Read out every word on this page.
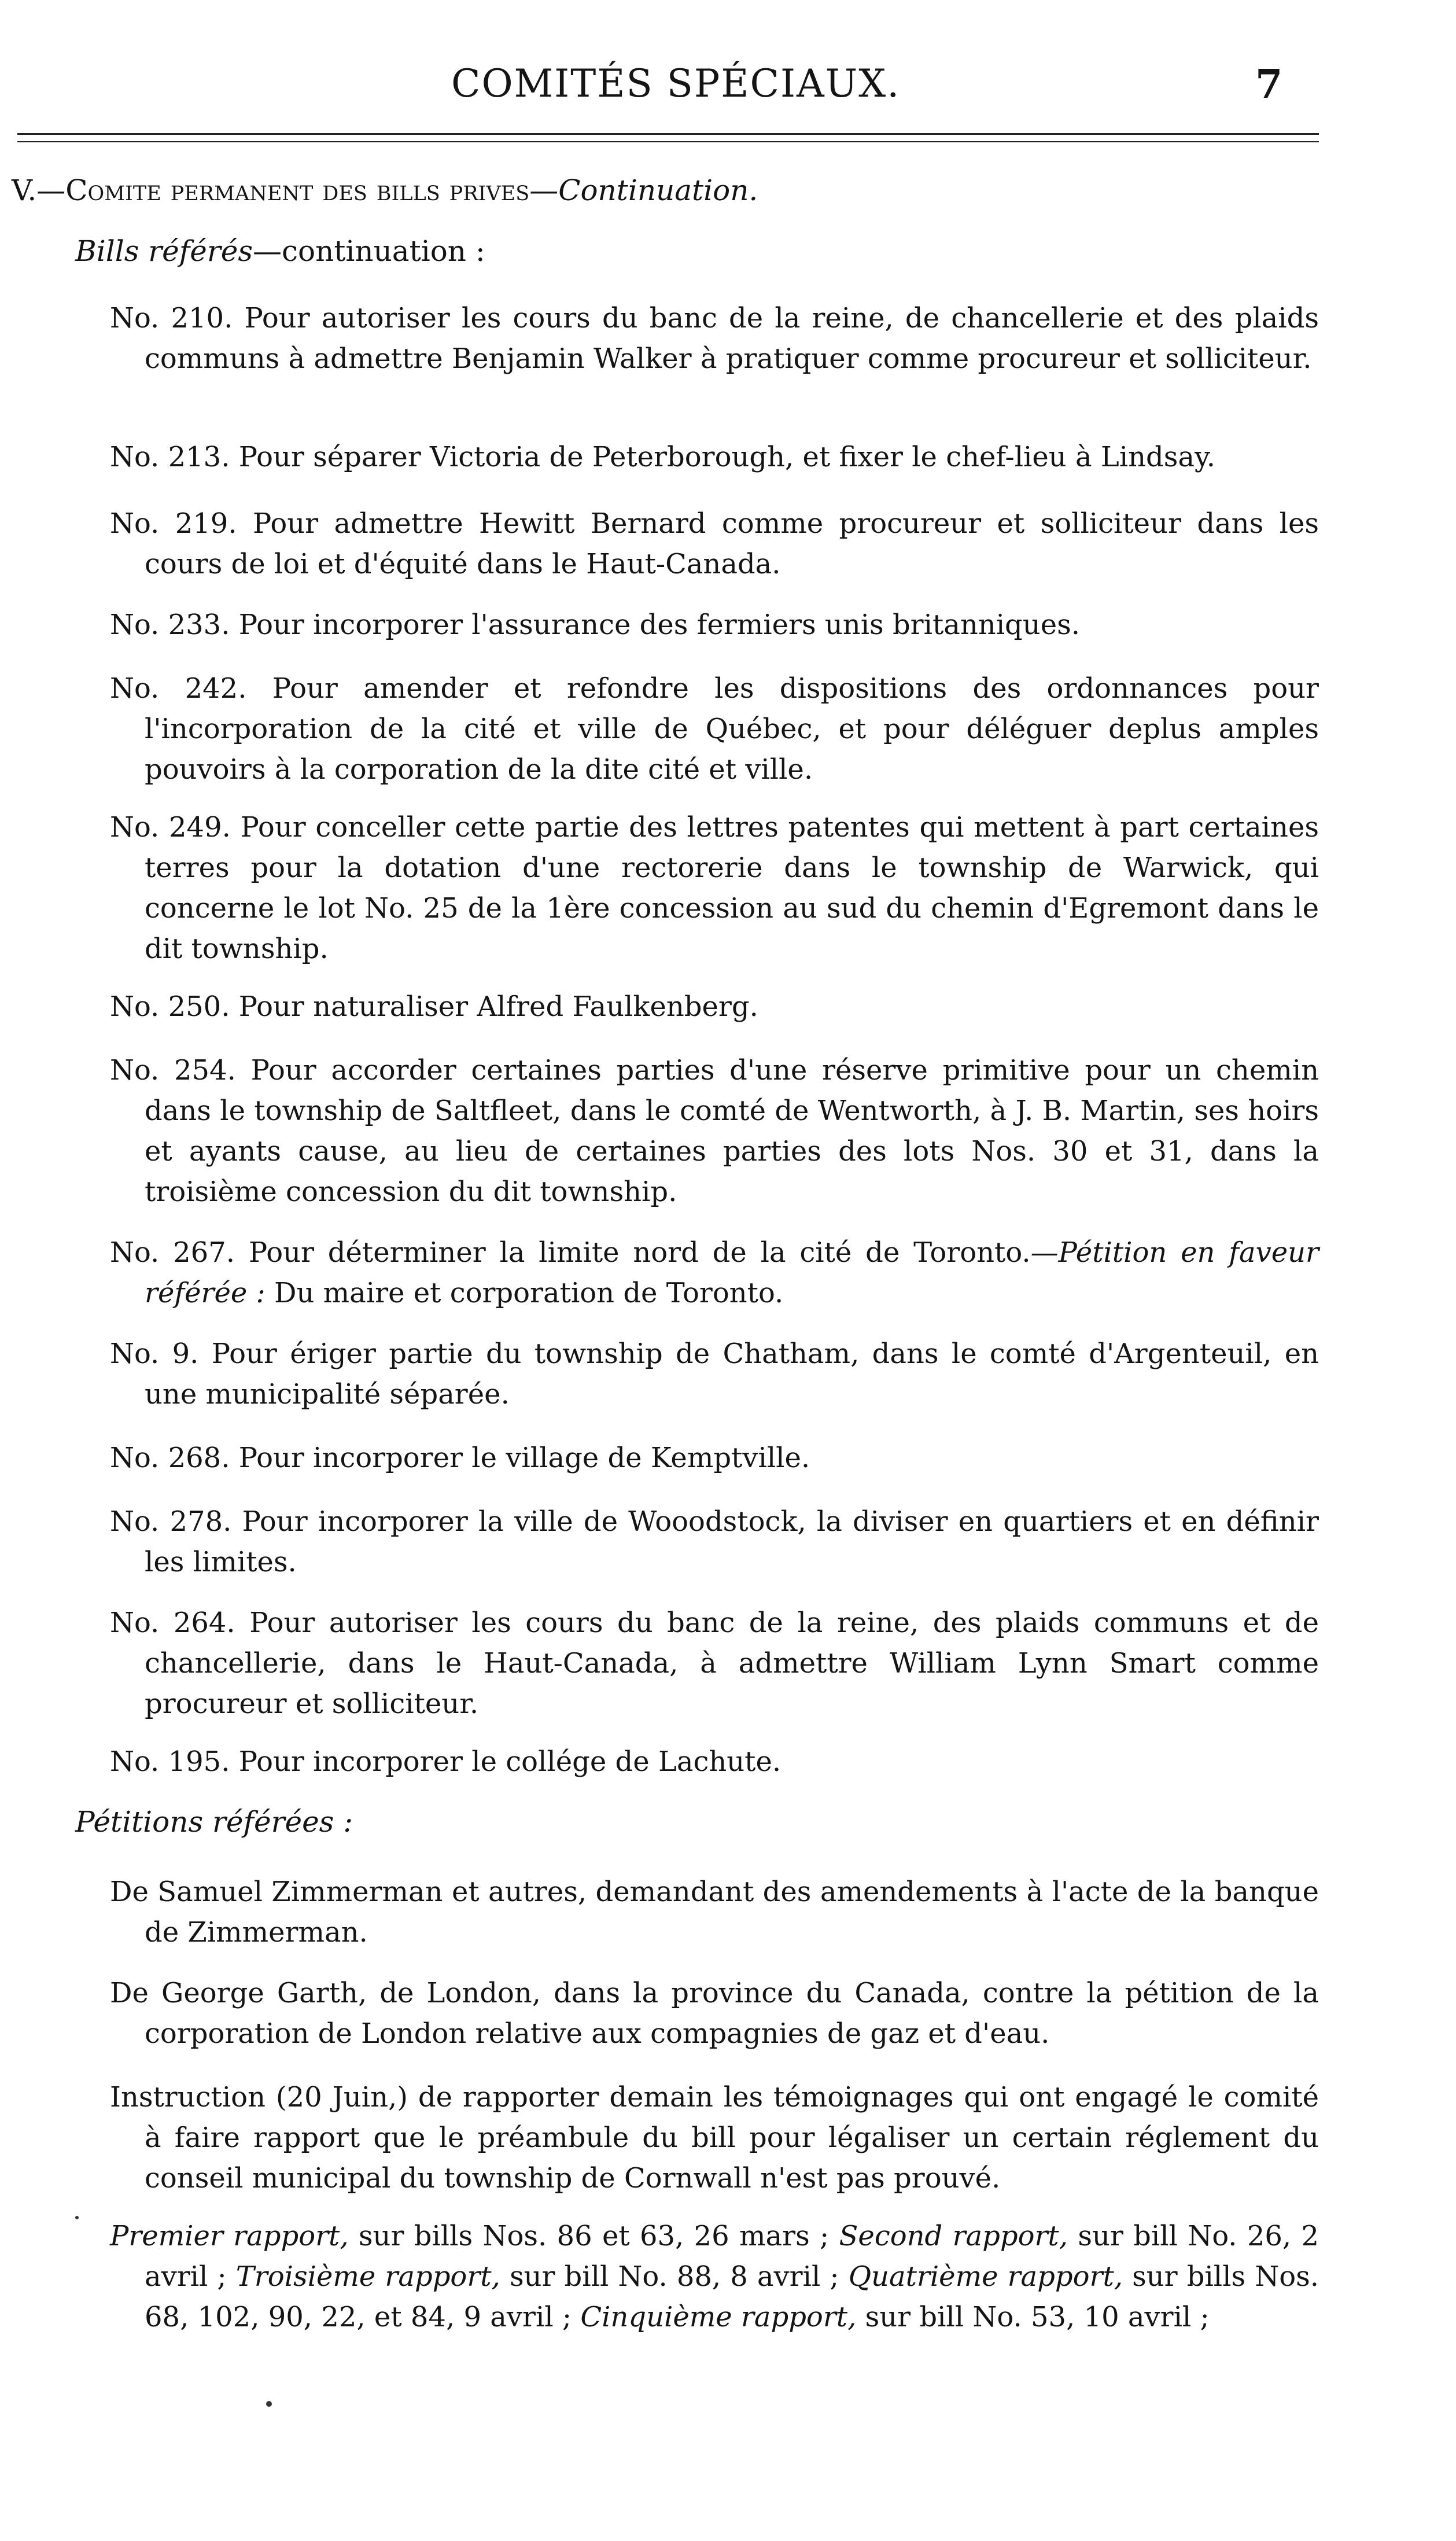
COMITÉS SPÉCIAUX.	7
V.—Comite permanent des bills prives—Continuation.
Bills référés—continuation :
No. 210. Pour autoriser les cours du banc de la reine, de chancellerie et des plaids communs à admettre Benjamin Walker à pratiquer comme procureur et solliciteur.
No. 213. Pour séparer Victoria de Peterborough, et fixer le chef-lieu à Lindsay.
No. 219. Pour admettre Hewitt Bernard comme procureur et solliciteur dans les cours de loi et d'équité dans le Haut-Canada.
No. 233. Pour incorporer l'assurance des fermiers unis britanniques.
No. 242. Pour amender et refondre les dispositions des ordonnances pour l'incorporation de la cité et ville de Québec, et pour déléguer deplus amples pouvoirs à la corporation de la dite cité et ville.
No. 249. Pour conceller cette partie des lettres patentes qui mettent à part certaines terres pour la dotation d'une rectorerie dans le township de Warwick, qui concerne le lot No. 25 de la 1ère concession au sud du chemin d'Egremont dans le dit township.
No. 250. Pour naturaliser Alfred Faulkenberg.
No. 254. Pour accorder certaines parties d'une réserve primitive pour un chemin dans le township de Saltfleet, dans le comté de Wentworth, à J. B. Martin, ses hoirs et ayants cause, au lieu de certaines parties des lots Nos. 30 et 31, dans la troisième concession du dit township.
No. 267. Pour déterminer la limite nord de la cité de Toronto.—Pétition en faveur référée : Du maire et corporation de Toronto.
No. 9. Pour ériger partie du township de Chatham, dans le comté d'Argenteuil, en une municipalité séparée.
No. 268. Pour incorporer le village de Kemptville.
No. 278. Pour incorporer la ville de Wooodstock, la diviser en quartiers et en définir les limites.
No. 264. Pour autoriser les cours du banc de la reine, des plaids communs et de chancellerie, dans le Haut-Canada, à admettre William Lynn Smart comme procureur et solliciteur.
No. 195. Pour incorporer le collége de Lachute.
Pétitions référées :
De Samuel Zimmerman et autres, demandant des amendements à l'acte de la banque de Zimmerman.
De George Garth, de London, dans la province du Canada, contre la pétition de la corporation de London relative aux compagnies de gaz et d'eau.
Instruction (20 Juin,) de rapporter demain les témoignages qui ont engagé le comité à faire rapport que le préambule du bill pour légaliser un certain réglement du conseil municipal du township de Cornwall n'est pas prouvé.
Premier rapport, sur bills Nos. 86 et 63, 26 mars ; Second rapport, sur bill No. 26, 2 avril ; Troisième rapport, sur bill No. 88, 8 avril ; Quatrième rapport, sur bills Nos. 68, 102, 90, 22, et 84, 9 avril ; Cinquième rapport, sur bill No. 53, 10 avril ;
